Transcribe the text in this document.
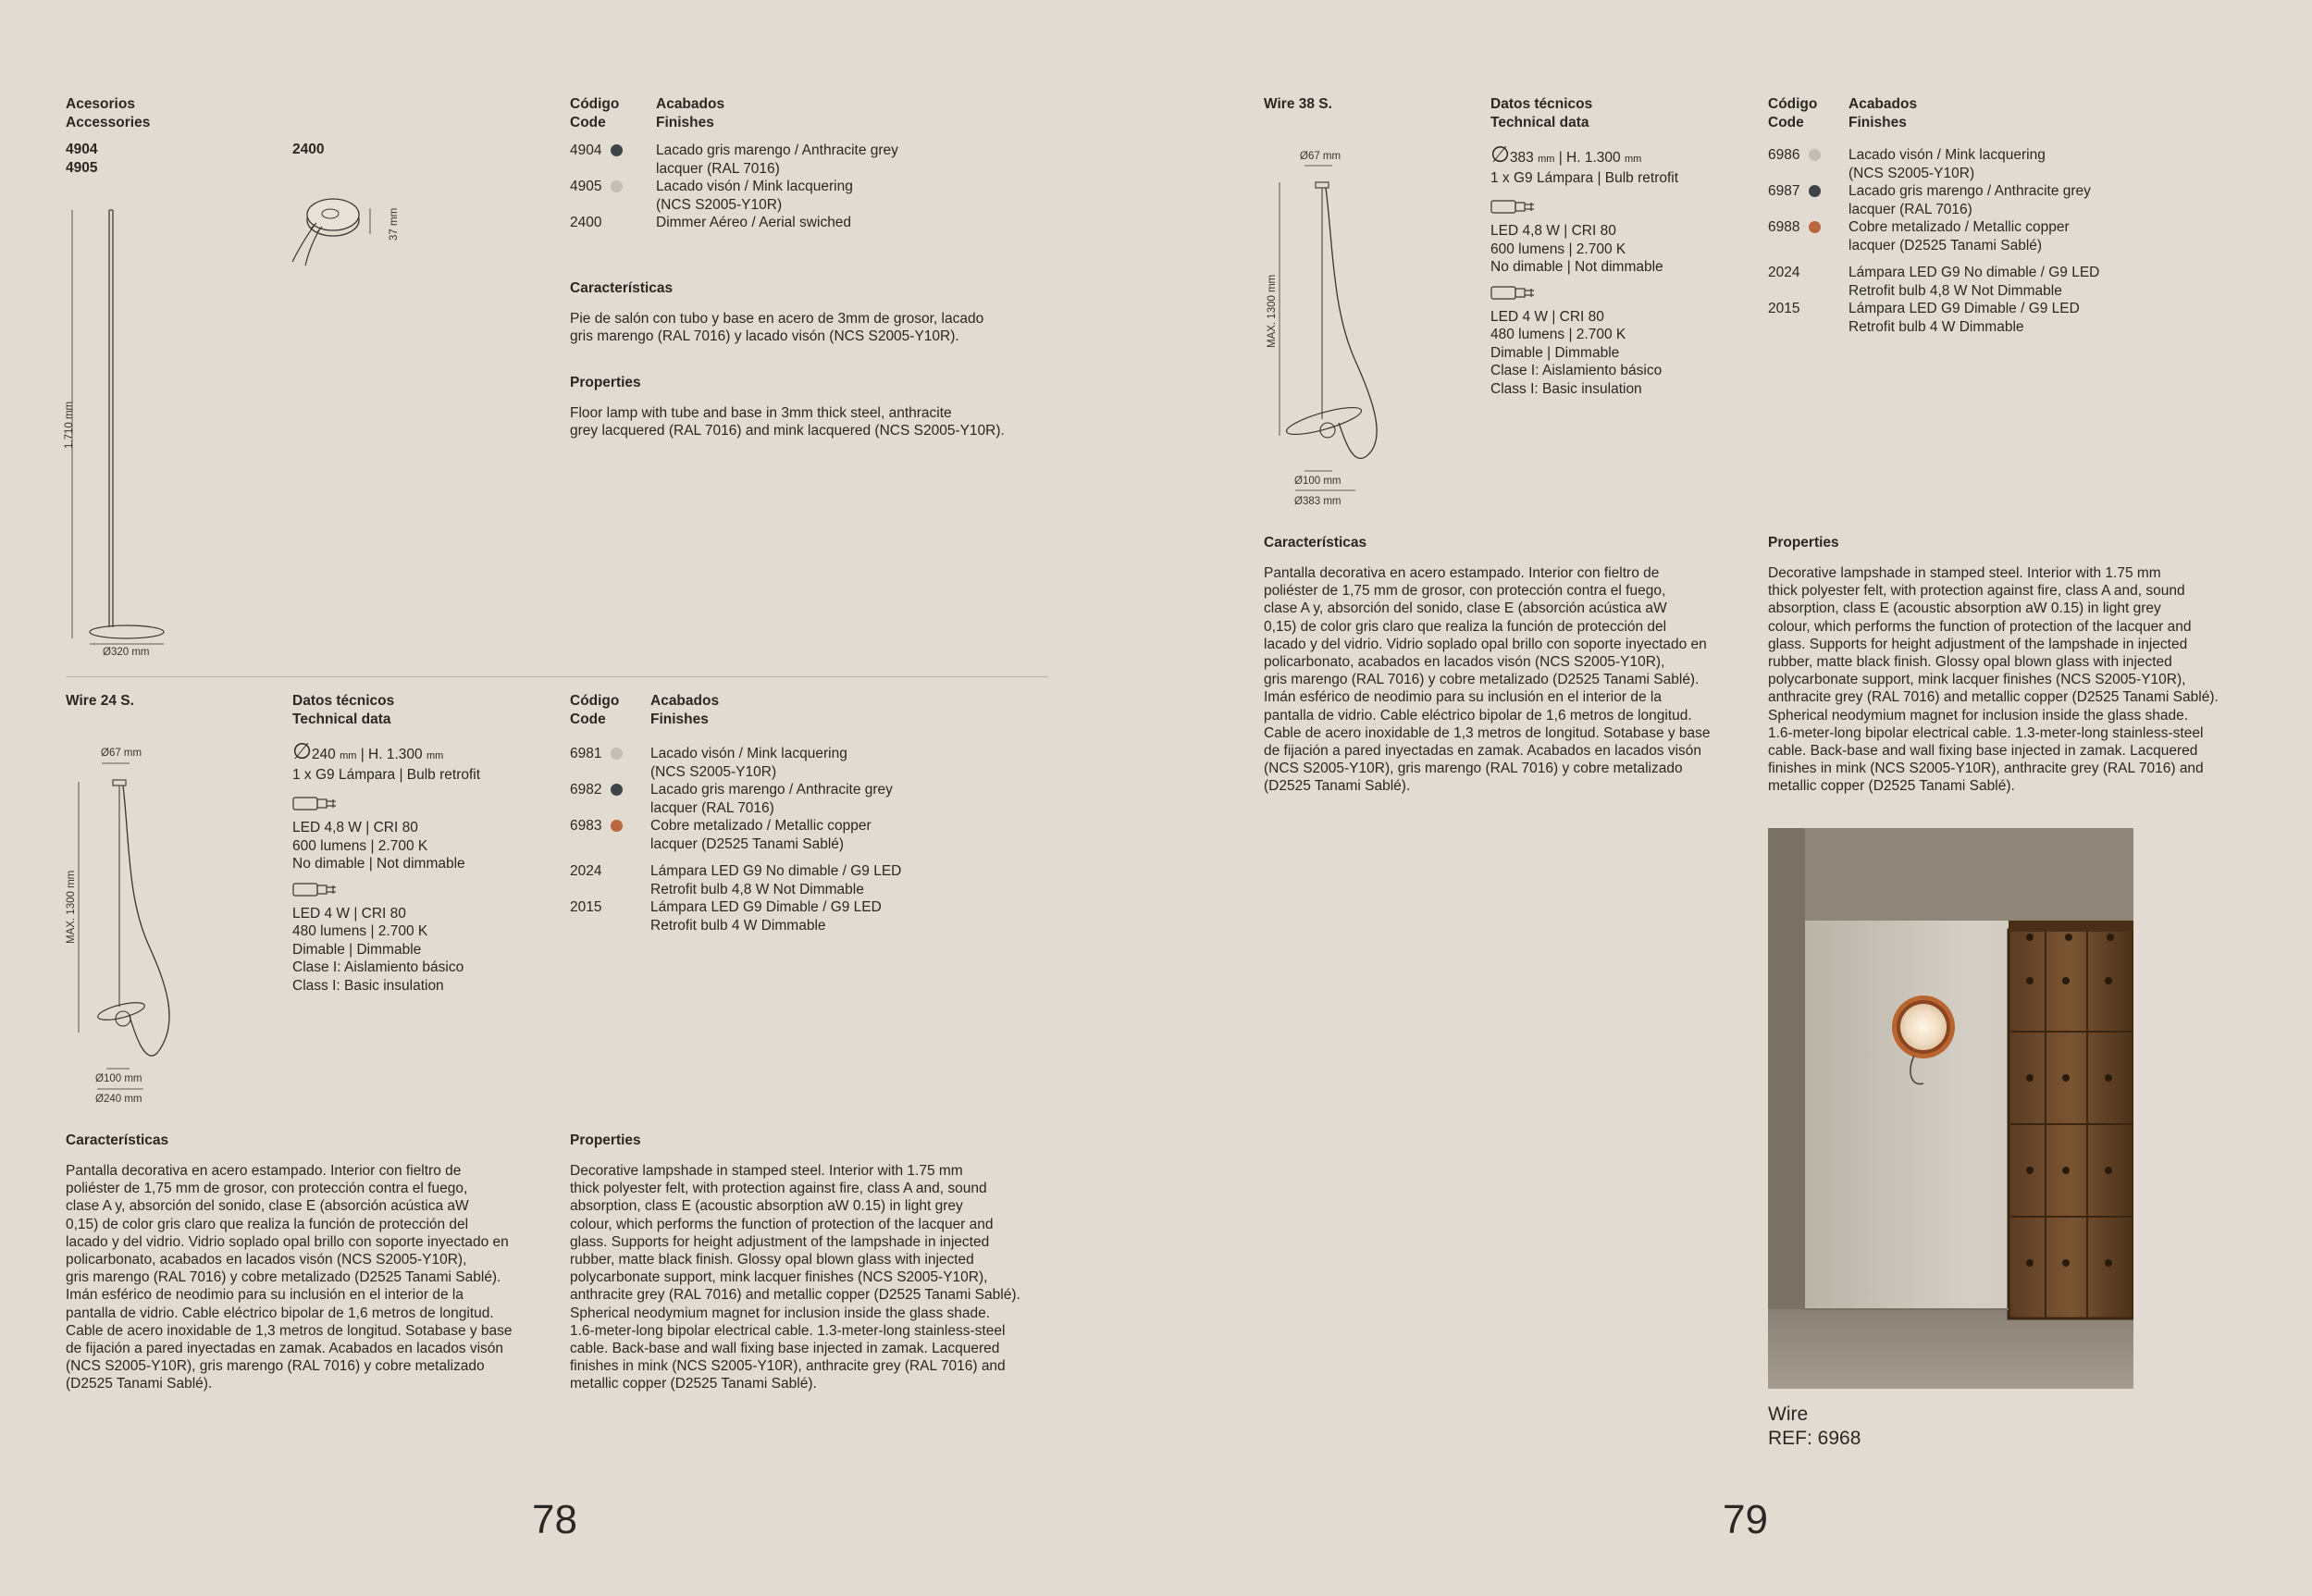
Acesorios
Accessories
4904
4905
2400
1.710 mm
Ø320 mm
37 mm
Código
Code
Acabados
Finishes
4904	Lacado gris marengo / Anthracite grey
lacquer (RAL 7016)
4905	Lacado visón / Mink lacquering
(NCS S2005-Y10R)
2400	Dimmer Aéreo / Aerial swiched
Características
Pie de salón con tubo y base en acero de 3mm de grosor, lacado
gris marengo (RAL 7016) y lacado visón (NCS S2005-Y10R).
Properties
Floor lamp with tube and base in 3mm thick steel, anthracite
grey lacquered (RAL 7016) and mink lacquered (NCS S2005-Y10R).
Wire 24 S.
Ø67 mm
MAX. 1300 mm
Ø100 mm
Ø240 mm
Datos técnicos
Technical data
∅240 mm | H. 1.300 mm
1 x G9 Lámpara | Bulb retrofit
LED 4,8 W | CRI 80
600 lumens | 2.700 K
No dimable | Not dimmable
LED 4 W | CRI 80
480 lumens | 2.700 K
Dimable | Dimmable
Clase I: Aislamiento básico
Class I: Basic insulation
Código
Code
Acabados
Finishes
6981	Lacado visón / Mink lacquering
(NCS S2005-Y10R)
6982	Lacado gris marengo / Anthracite grey
lacquer (RAL 7016)
6983	Cobre metalizado / Metallic copper
lacquer (D2525 Tanami Sablé)
2024	Lámpara LED G9 No dimable / G9 LED
Retrofit bulb 4,8 W Not Dimmable
2015	Lámpara LED G9 Dimable / G9 LED
Retrofit bulb 4 W Dimmable
Características
Pantalla decorativa en acero estampado. Interior con fieltro de
poliéster de 1,75 mm de grosor, con protección contra el fuego,
clase A y, absorción del sonido, clase E (absorción acústica aW
0,15) de color gris claro que realiza la función de protección del
lacado y del vidrio. Vidrio soplado opal brillo con soporte inyectado en
policarbonato, acabados en lacados visón (NCS S2005-Y10R),
gris marengo (RAL 7016) y cobre metalizado (D2525 Tanami Sablé).
Imán esférico de neodimio para su inclusión en el interior de la
pantalla de vidrio. Cable eléctrico bipolar de 1,6 metros de longitud.
Cable de acero inoxidable de 1,3 metros de longitud. Sotabase y base
de fijación a pared inyectadas en zamak. Acabados en lacados visón
(NCS S2005-Y10R), gris marengo (RAL 7016) y cobre metalizado
(D2525 Tanami Sablé).
Properties
Decorative lampshade in stamped steel. Interior with 1.75 mm
thick polyester felt, with protection against fire, class A and, sound
absorption, class E (acoustic absorption aW 0.15) in light grey
colour, which performs the function of protection of the lacquer and
glass. Supports for height adjustment of the lampshade in injected
rubber, matte black finish. Glossy opal blown glass with injected
polycarbonate support, mink lacquer finishes (NCS S2005-Y10R),
anthracite grey (RAL 7016) and metallic copper (D2525 Tanami Sablé).
Spherical neodymium magnet for inclusion inside the glass shade.
1.6-meter-long bipolar electrical cable. 1.3-meter-long stainless-steel
cable. Back-base and wall fixing base injected in zamak. Lacquered
finishes in mink (NCS S2005-Y10R), anthracite grey (RAL 7016) and
metallic copper (D2525 Tanami Sablé).
78
Wire 38 S.
Ø67 mm
MAX. 1300 mm
Ø100 mm
Ø383 mm
Datos técnicos
Technical data
∅383 mm | H. 1.300 mm
1 x G9 Lámpara | Bulb retrofit
LED 4,8 W | CRI 80
600 lumens | 2.700 K
No dimable | Not dimmable
LED 4 W | CRI 80
480 lumens | 2.700 K
Dimable | Dimmable
Clase I: Aislamiento básico
Class I: Basic insulation
Código
Code
Acabados
Finishes
6986	Lacado visón / Mink lacquering
(NCS S2005-Y10R)
6987	Lacado gris marengo / Anthracite grey
lacquer (RAL 7016)
6988	Cobre metalizado / Metallic copper
lacquer (D2525 Tanami Sablé)
2024	Lámpara LED G9 No dimable / G9 LED
Retrofit bulb 4,8 W Not Dimmable
2015	Lámpara LED G9 Dimable / G9 LED
Retrofit bulb 4 W Dimmable
Características
Pantalla decorativa en acero estampado. Interior con fieltro de
poliéster de 1,75 mm de grosor, con protección contra el fuego,
clase A y, absorción del sonido, clase E (absorción acústica aW
0,15) de color gris claro que realiza la función de protección del
lacado y del vidrio. Vidrio soplado opal brillo con soporte inyectado en
policarbonato, acabados en lacados visón (NCS S2005-Y10R),
gris marengo (RAL 7016) y cobre metalizado (D2525 Tanami Sablé).
Imán esférico de neodimio para su inclusión en el interior de la
pantalla de vidrio. Cable eléctrico bipolar de 1,6 metros de longitud.
Cable de acero inoxidable de 1,3 metros de longitud. Sotabase y base
de fijación a pared inyectadas en zamak. Acabados en lacados visón
(NCS S2005-Y10R), gris marengo (RAL 7016) y cobre metalizado
(D2525 Tanami Sablé).
Properties
Decorative lampshade in stamped steel. Interior with 1.75 mm
thick polyester felt, with protection against fire, class A and, sound
absorption, class E (acoustic absorption aW 0.15) in light grey
colour, which performs the function of protection of the lacquer and
glass. Supports for height adjustment of the lampshade in injected
rubber, matte black finish. Glossy opal blown glass with injected
polycarbonate support, mink lacquer finishes (NCS S2005-Y10R),
anthracite grey (RAL 7016) and metallic copper (D2525 Tanami Sablé).
Spherical neodymium magnet for inclusion inside the glass shade.
1.6-meter-long bipolar electrical cable. 1.3-meter-long stainless-steel
cable. Back-base and wall fixing base injected in zamak. Lacquered
finishes in mink (NCS S2005-Y10R), anthracite grey (RAL 7016) and
metallic copper (D2525 Tanami Sablé).
Wire
REF: 6968
79
